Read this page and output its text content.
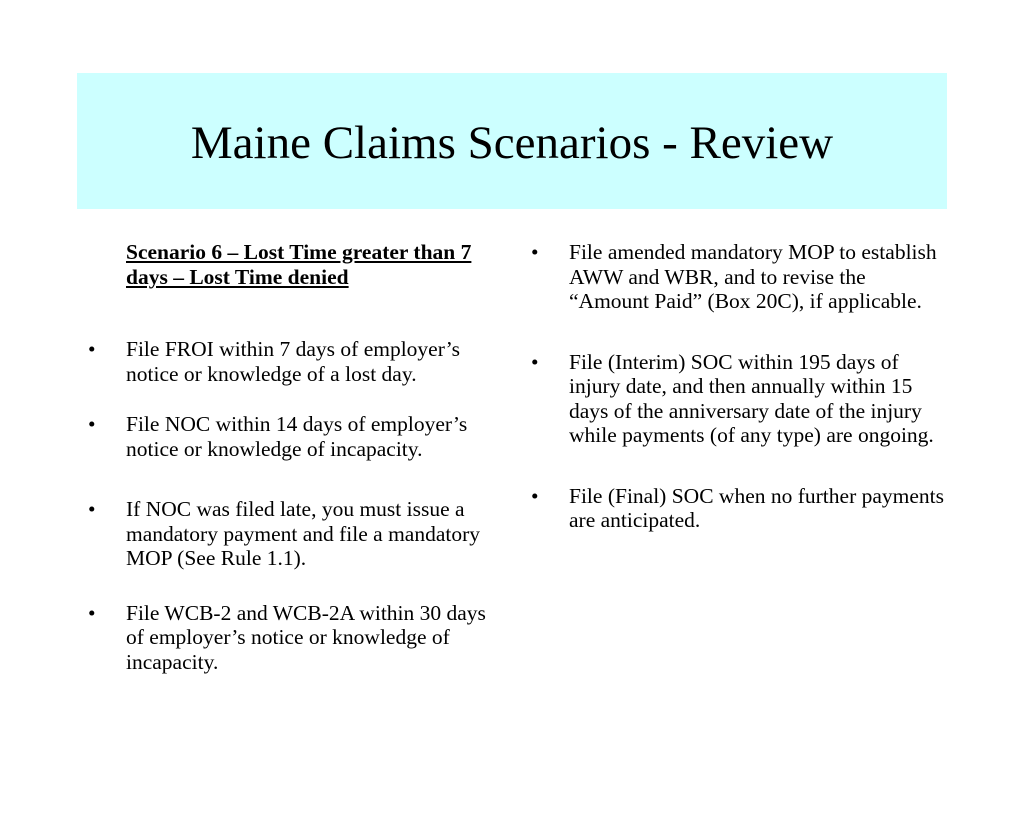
Maine Claims Scenarios - Review

Scenario 6 – Lost Time greater than 7 days – Lost Time denied

•	File FROI within 7 days of employer’s notice or knowledge of a lost day.
•	File NOC within 14 days of employer’s notice or knowledge of incapacity.
•	If NOC was filed late, you must issue a mandatory payment and file a mandatory MOP (See Rule 1.1).
•	File WCB-2 and WCB-2A within 30 days of employer’s notice or knowledge of incapacity.
•	File amended mandatory MOP to establish AWW and WBR, and to revise the “Amount Paid” (Box 20C), if applicable.
•	File (Interim) SOC within 195 days of injury date, and then annually within 15 days of the anniversary date of the injury while payments (of any type) are ongoing.
•	File (Final) SOC when no further payments are anticipated.
